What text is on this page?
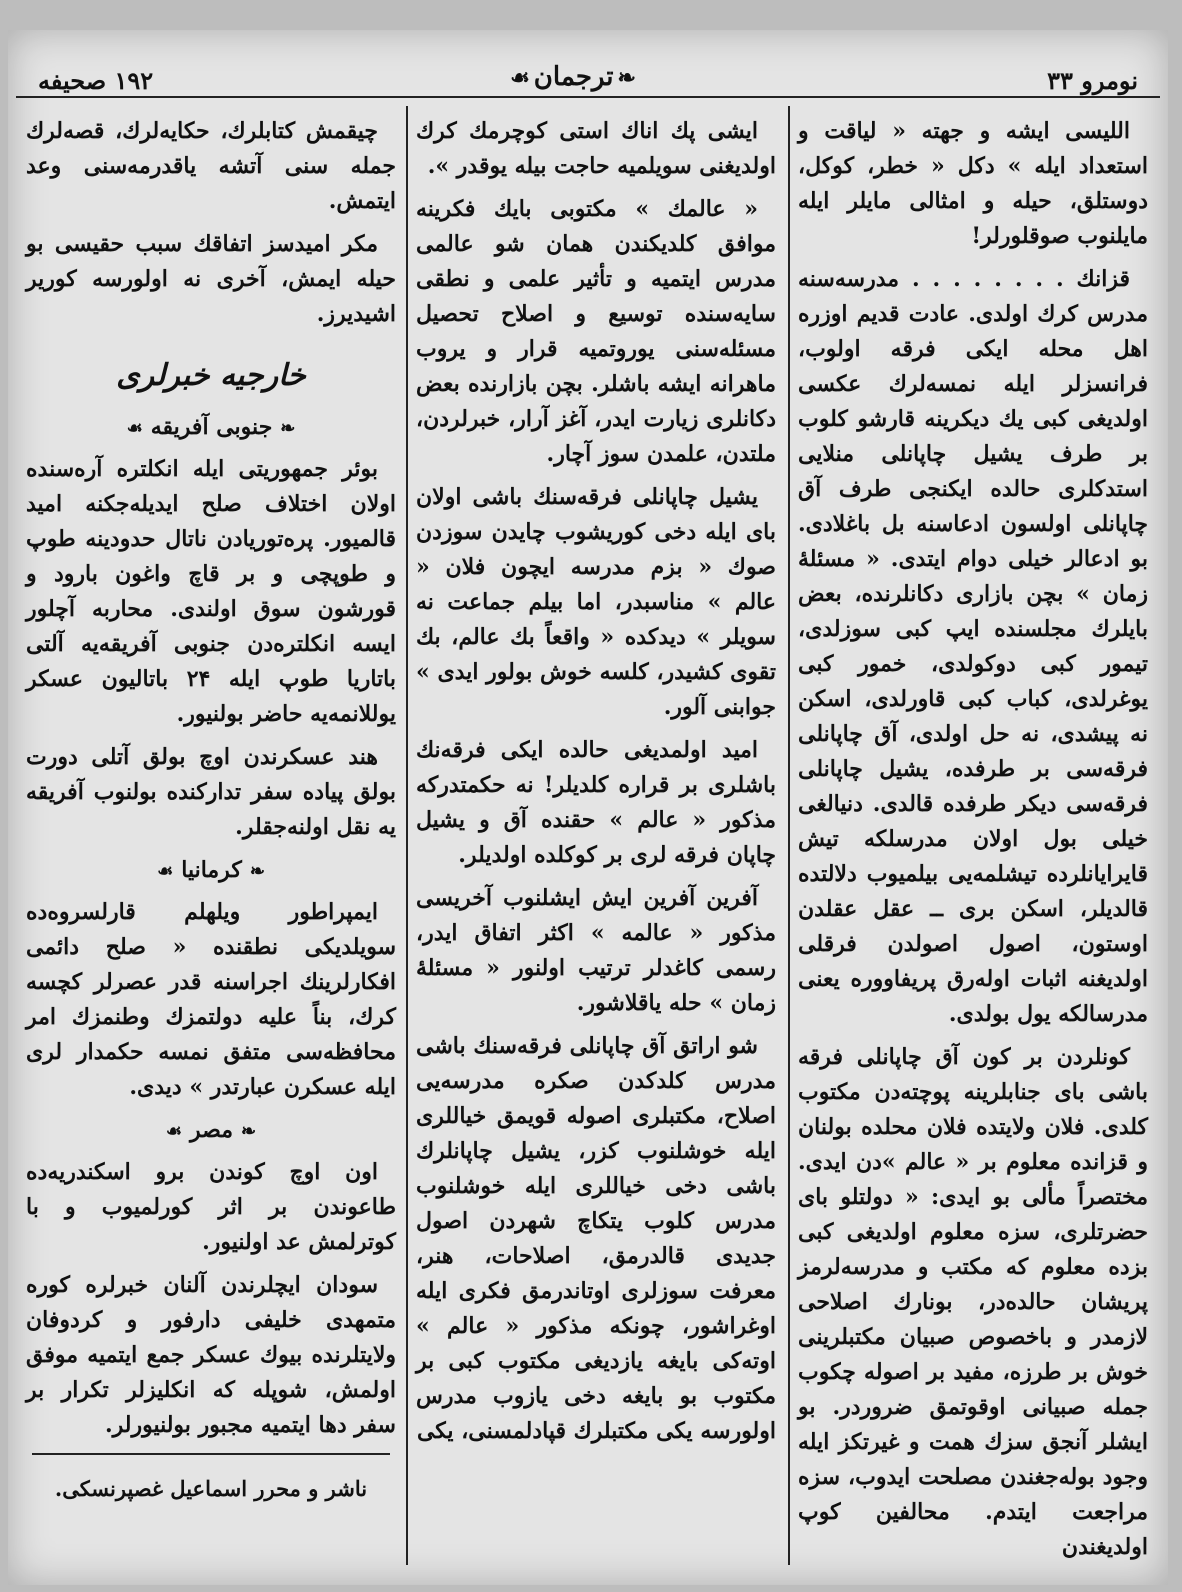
نومرو ۳۳
❧ترجمان☙
۱۹۲ صحیفه

اللیسی ایشه و جهته « لیاقت و استعداد ایله » دکل « خطر، کوکل، دوستلق، حیله و امثالی مایلر ایله مایلنوب صوقلورلر!

قزانك . . . . . . . . مدرسه‌سنه مدرس کرك اولدی. عادت قدیم اوزره اهل محله ایکی فرقه اولوب، فرانسزلر ایله نمسه‌لرك عکسی اولدیغی کبی یك دیکرینه قارشو کلوب بر طرف یشیل چاپانلی منلایی استدکلری حالده ایکنجی طرف آق چاپانلی اولسون ادعاسنه بل باغلادی. بو ادعالر خیلی دوام ایتدی. « مسئلهٔ زمان » بچن بازاری دکانلرنده، بعض بایلرك مجلسنده ایپ کبی سوزلدی، تیمور کبی دوکولدی، خمور کبی یوغرلدی، کباب کبی قاورلدی، اسکن نه پیشدی، نه حل اولدی، آق چاپانلی فرقه‌سی بر طرفده، یشیل چاپانلی فرقه‌سی دیکر طرفده قالدی. دنیالغی خیلی بول اولان مدرسلکه تیش قایرایانلرده تیشلمه‌یی بیلمیوب دلالتده قالدیلر، اسکن بری ــ عقل عقلدن اوستون، اصول اصولدن فرقلی اولدیغنه اثبات اوله‌رق پریفاووره یعنی مدرسالکه یول بولدی.

کونلردن بر کون آق چاپانلی فرقه باشی بای جنابلرینه پوچته‌دن مکتوب کلدی. فلان ولایتده فلان محلده بولنان و قزانده معلوم بر « عالم »دن ایدی. مختصراً مألی بو ایدی: « دولتلو بای حضرتلری، سزه معلوم اولدیغی کبی بزده معلوم که مکتب و مدرسه‌لرمز پریشان حالده‌در، بونارك اصلاحی لازمدر و باخصوص صبیان مکتبلرینی خوش بر طرزه، مفید بر اصوله چکوب جمله صبیانی اوقوتمق ضروردر. بو ایشلر آنجق سزك همت و غیرتکز ایله وجود بوله‌جغندن مصلحت ایدوب، سزه مراجعت ایتدم. محالفین کوپ اولدیغندن

ایشی پك اناك استی کوچرمك کرك اولدیغنی سویلمیه حاجت بیله یوقدر ».

« عالمك » مکتوبی بایك فکرینه موافق کلدیکندن همان شو عالمی مدرس ایتمیه و تأثیر علمی و نطقی سایه‌سنده توسیع و اصلاح تحصیل مسئله‌سنی یوروتمیه قرار و یروب ماهرانه ایشه باشلر. بچن بازارنده بعض دکانلری زیارت ایدر، آغز آرار، خبرلردن، ملتدن، علمدن سوز آچار.

یشیل چاپانلی فرقه‌سنك باشی اولان بای ایله دخی کوریشوب چایدن سوزدن صوك « بزم مدرسه ایچون فلان « عالم » مناسبدر، اما بیلم جماعت نه سویلر » دیدکده « واقعاً بك عالم، بك تقوی کشیدر، کلسه خوش بولور ایدی » جوابنی آلور.

امید اولمدیغی حالده ایکی فرقه‌نك باشلری بر قراره کلدیلر! نه حکمتدرکه مذکور « عالم » حقنده آق و یشیل چاپان فرقه لری بر کوکلده اولدیلر.

آفرین آفرین ایش ایشلنوب آخریسی مذکور « عالمه » اکثر اتفاق ایدر، رسمی کاغدلر ترتیب اولنور « مسئلهٔ زمان » حله یاقلاشور.

شو اراتق آق چاپانلی فرقه‌سنك باشی مدرس کلدکدن صکره مدرسه‌یی اصلاح، مکتبلری اصوله قویمق خیاللری ایله خوشلنوب کزر، یشیل چاپانلرك باشی دخی خیاللری ایله خوشلنوب مدرس کلوب یتکاچ شهردن اصول جدیدی قالدرمق، اصلاحات، هنر، معرفت سوزلری اوتاندرمق فکری ایله اوغراشور، چونکه مذکور « عالم » اوته‌کی بایغه یازدیغی مکتوب کبی بر مکتوب بو بایغه دخی یازوب مدرس اولورسه یکی مکتبلرك قپادلمسنی، یکی

چیقمش کتابلرك، حکایه‌لرك، قصه‌لرك جمله سنی آتشه یاقدرمه‌سنی وعد ایتمش.

مکر امیدسز اتفاقك سبب حقیسی بو حیله ایمش، آخری نه اولورسه کوریر اشیدیرز.

خارجیه خبرلری
❧جنوبی آفریقه☙

بوئر جمهوریتی ایله انکلتره آره‌سنده اولان اختلاف صلح ایدیله‌جکنه امید قالمیور. پره‌توریادن ناتال حدودینه طوپ و طوپچی و بر قاچ واغون بارود و قورشون سوق اولندی. محاربه آچلور ایسه انکلتره‌دن جنوبی آفریقه‌یه آلتی باتاریا طوپ ایله ۲۴ باتالیون عسکر یوللانمه‌یه حاضر بولنیور.

هند عسکرندن اوچ بولق آتلی دورت بولق پیاده سفر تدارکنده بولنوب آفریقه یه نقل اولنه‌جقلر.

❧کرمانیا☙

ایمپراطور ویلهلم قارلسروه‌ده سویلدیکی نطقنده « صلح دائمی افکارلرینك اجراسنه قدر عصرلر کچسه کرك، بناً علیه دولتمزك وطنمزك امر محافظه‌سی متفق نمسه حکمدار لری ایله عسکرن عبارتدر » دیدی.

❧مصر☙

اون اوچ کوندن برو اسکندریه‌ده طاعوندن بر اثر کورلمیوب و با کوترلمش عد اولنیور.

سودان ایچلرندن آلنان خبرلره کوره متمهدی خلیفی دارفور و کردوفان ولایتلرنده بیوك عسکر جمع ایتمیه موفق اولمش، شوپله که انکلیزلر تکرار بر سفر دها ایتمیه مجبور بولنیورلر.

ناشر و محرر اسماعیل غصپرنسکی.
